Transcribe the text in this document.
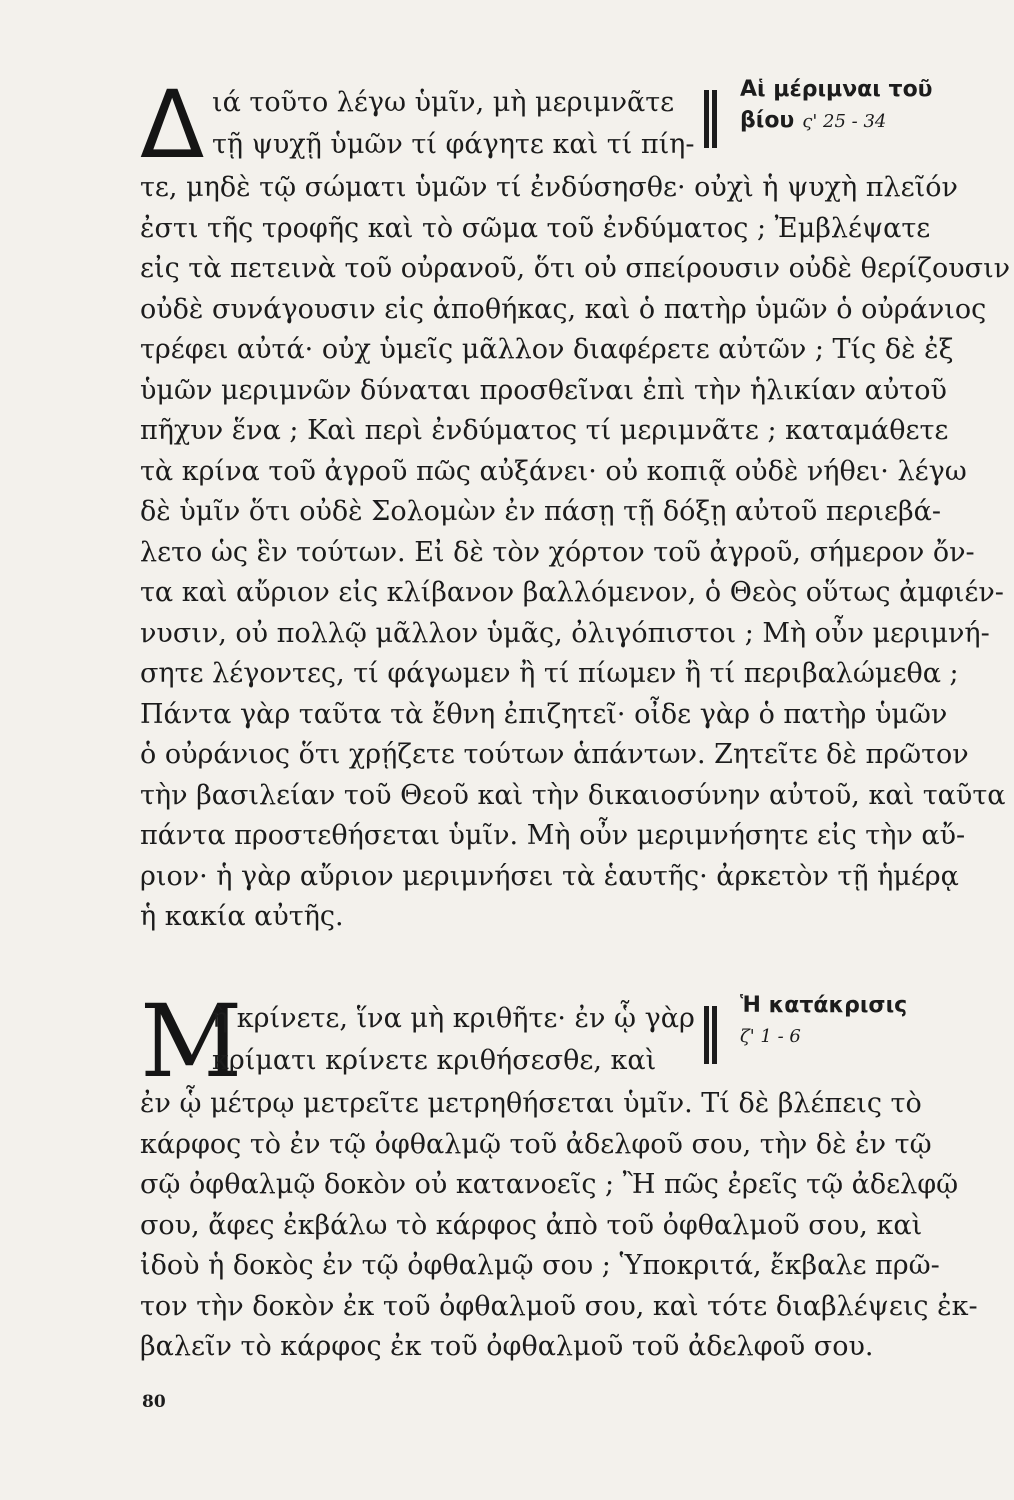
Δ ιά τοῦτο λέγω ὑμῖν, μὴ μεριμνᾶτε
τῇ ψυχῇ ὑμῶν τί φάγητε καὶ τί πίη-
Αἱ μέριμναι τοῦ
βίου ς' 25 - 34
τε, μηδὲ τῷ σώματι ὑμῶν τί ἐνδύσησθε· οὐχὶ ἡ ψυχὴ πλεῖόν
ἐστι τῆς τροφῆς καὶ τὸ σῶμα τοῦ ἐνδύματος ; Ἐμβλέψατε
εἰς τὰ πετεινὰ τοῦ οὐρανοῦ, ὅτι οὐ σπείρουσιν οὐδὲ θερίζουσιν
οὐδὲ συνάγουσιν εἰς ἀποθήκας, καὶ ὁ πατὴρ ὑμῶν ὁ οὐράνιος
τρέφει αὐτά· οὐχ ὑμεῖς μᾶλλον διαφέρετε αὐτῶν ; Τίς δὲ ἐξ
ὑμῶν μεριμνῶν δύναται προσθεῖναι ἐπὶ τὴν ἡλικίαν αὐτοῦ
πῆχυν ἕνα ; Καὶ περὶ ἐνδύματος τί μεριμνᾶτε ; καταμάθετε
τὰ κρίνα τοῦ ἀγροῦ πῶς αὐξάνει· οὐ κοπιᾷ οὐδὲ νήθει· λέγω
δὲ ὑμῖν ὅτι οὐδὲ Σολομὼν ἐν πάσῃ τῇ δόξῃ αὐτοῦ περιεβά-
λετο ὡς ἓν τούτων. Εἰ δὲ τὸν χόρτον τοῦ ἀγροῦ, σήμερον ὄν-
τα καὶ αὔριον εἰς κλίβανον βαλλόμενον, ὁ Θεὸς οὕτως ἀμφιέν-
νυσιν, οὐ πολλῷ μᾶλλον ὑμᾶς, ὀλιγόπιστοι ; Μὴ οὖν μεριμνή-
σητε λέγοντες, τί φάγωμεν ἢ τί πίωμεν ἢ τί περιβαλώμεθα ;
Πάντα γὰρ ταῦτα τὰ ἔθνη ἐπιζητεῖ· οἶδε γὰρ ὁ πατὴρ ὑμῶν
ὁ οὐράνιος ὅτι χρῄζετε τούτων ἁπάντων. Ζητεῖτε δὲ πρῶτον
τὴν βασιλείαν τοῦ Θεοῦ καὶ τὴν δικαιοσύνην αὐτοῦ, καὶ ταῦτα
πάντα προστεθήσεται ὑμῖν. Μὴ οὖν μεριμνήσητε εἰς τὴν αὔ-
ριον· ἡ γὰρ αὔριον μεριμνήσει τὰ ἑαυτῆς· ἀρκετὸν τῇ ἡμέρᾳ
ἡ κακία αὐτῆς.
Μ
ὴ κρίνετε, ἵνα μὴ κριθῆτε· ἐν ᾧ γὰρ
κρίματι κρίνετε κριθήσεσθε, καὶ
Ἡ κατάκρισις
ζ' 1 - 6
ἐν ᾧ μέτρῳ μετρεῖτε μετρηθήσεται ὑμῖν. Τί δὲ βλέπεις τὸ
κάρφος τὸ ἐν τῷ ὀφθαλμῷ τοῦ ἀδελφοῦ σου, τὴν δὲ ἐν τῷ
σῷ ὀφθαλμῷ δοκὸν οὐ κατανοεῖς ; Ἢ πῶς ἐρεῖς τῷ ἀδελφῷ
σου, ἄφες ἐκβάλω τὸ κάρφος ἀπὸ τοῦ ὀφθαλμοῦ σου, καὶ
ἰδοὺ ἡ δοκὸς ἐν τῷ ὀφθαλμῷ σου ; Ὑποκριτά, ἔκβαλε πρῶ-
τον τὴν δοκὸν ἐκ τοῦ ὀφθαλμοῦ σου, καὶ τότε διαβλέψεις ἐκ-
βαλεῖν τὸ κάρφος ἐκ τοῦ ὀφθαλμοῦ τοῦ ἀδελφοῦ σου.
80
